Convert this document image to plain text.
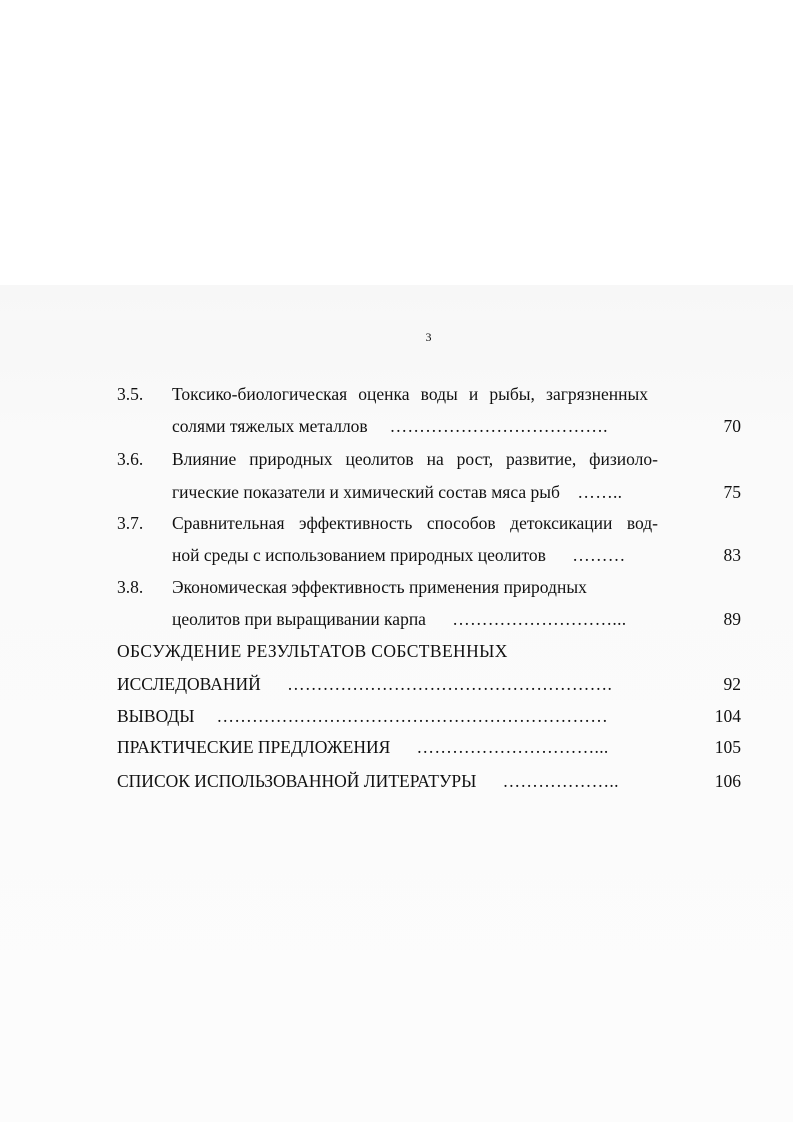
3
3.5. Токсико-биологическая оценка воды и рыбы, загрязненных
солями тяжелых металлов ……………………………….	70
3.6. Влияние природных цеолитов на рост, развитие, физиоло-
гические показатели и химический состав мяса рыб ……..	75
3.7. Сравнительная эффективность способов детоксикации вод-
ной среды с использованием природных цеолитов ………	83
3.8. Экономическая эффективность применения природных
цеолитов при выращивании карпа ………………………...	89
ОБСУЖДЕНИЕ РЕЗУЛЬТАТОВ СОБСТВЕННЫХ
ИССЛЕДОВАНИЙ ……………………………………………….	92
ВЫВОДЫ …………………………………………………………	104
ПРАКТИЧЕСКИЕ ПРЕДЛОЖЕНИЯ …………………………...	105
СПИСОК ИСПОЛЬЗОВАННОЙ ЛИТЕРАТУРЫ ………………..	106
